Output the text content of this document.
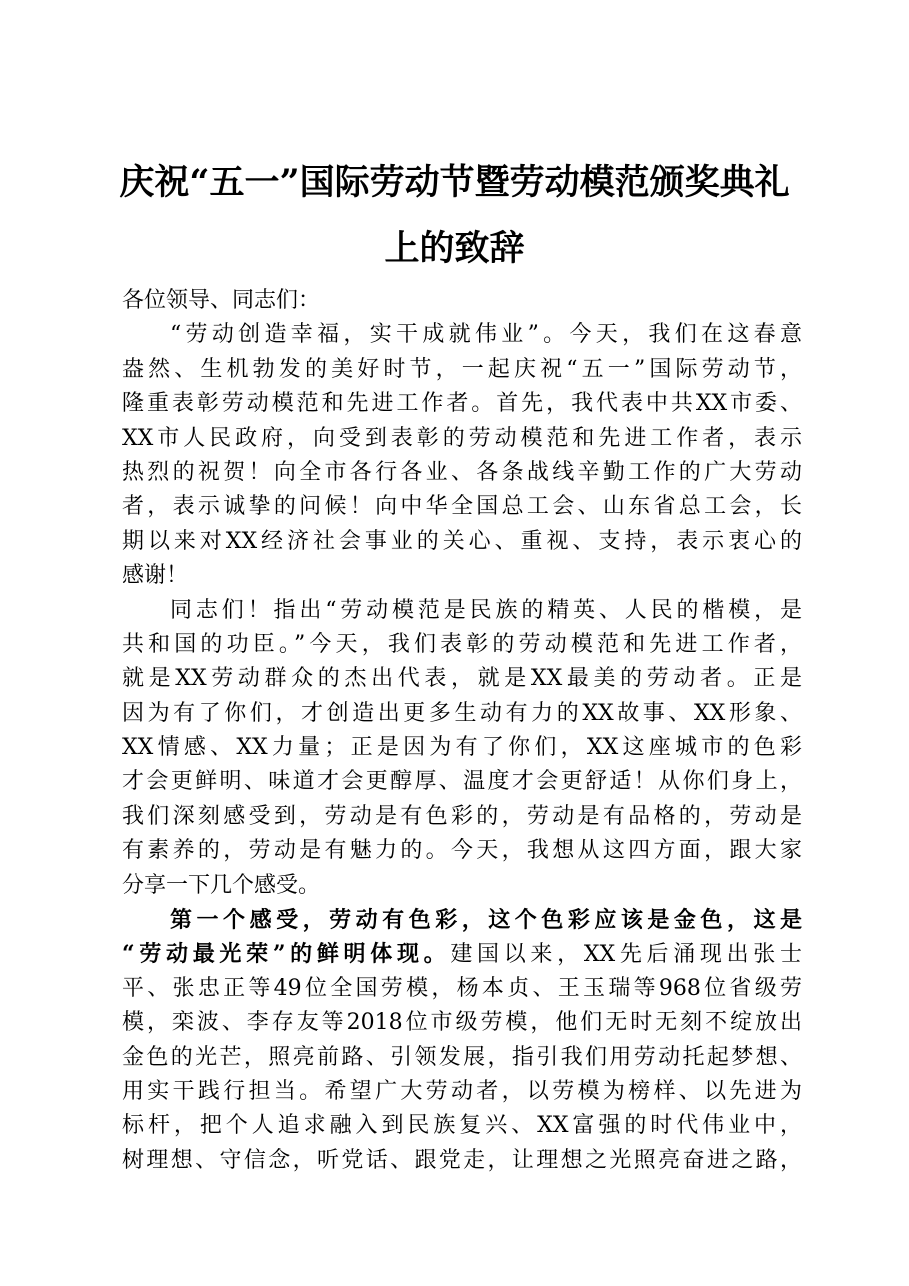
庆祝“五一”国际劳动节暨劳动模范颁奖典礼
上的致辞
各位领导、同志们：
“劳动创造幸福，实干成就伟业”。今天，我们在这春意
盎然、生机勃发的美好时节，一起庆祝“五一”国际劳动节，
隆重表彰劳动模范和先进工作者。首先，我代表中共XX市委、
XX市人民政府，向受到表彰的劳动模范和先进工作者，表示
热烈的祝贺！向全市各行各业、各条战线辛勤工作的广大劳动
者，表示诚挚的问候！向中华全国总工会、山东省总工会，长
期以来对XX经济社会事业的关心、重视、支持，表示衷心的
感谢！
同志们！指出“劳动模范是民族的精英、人民的楷模，是
共和国的功臣。”今天，我们表彰的劳动模范和先进工作者，
就是XX劳动群众的杰出代表，就是XX最美的劳动者。正是
因为有了你们，才创造出更多生动有力的XX故事、XX形象、
XX情感、XX力量；正是因为有了你们，XX这座城市的色彩
才会更鲜明、味道才会更醇厚、温度才会更舒适！从你们身上，
我们深刻感受到，劳动是有色彩的，劳动是有品格的，劳动是
有素养的，劳动是有魅力的。今天，我想从这四方面，跟大家
分享一下几个感受。
第一个感受，劳动有色彩，这个色彩应该是金色，这是
“劳动最光荣”的鲜明体现。建国以来，XX先后涌现出张士
平、张忠正等49位全国劳模，杨本贞、王玉瑞等968位省级劳
模，栾波、李存友等2018位市级劳模，他们无时无刻不绽放出
金色的光芒，照亮前路、引领发展，指引我们用劳动托起梦想、
用实干践行担当。希望广大劳动者，以劳模为榜样、以先进为
标杆，把个人追求融入到民族复兴、XX富强的时代伟业中，
树理想、守信念，听党话、跟党走，让理想之光照亮奋进之路，
